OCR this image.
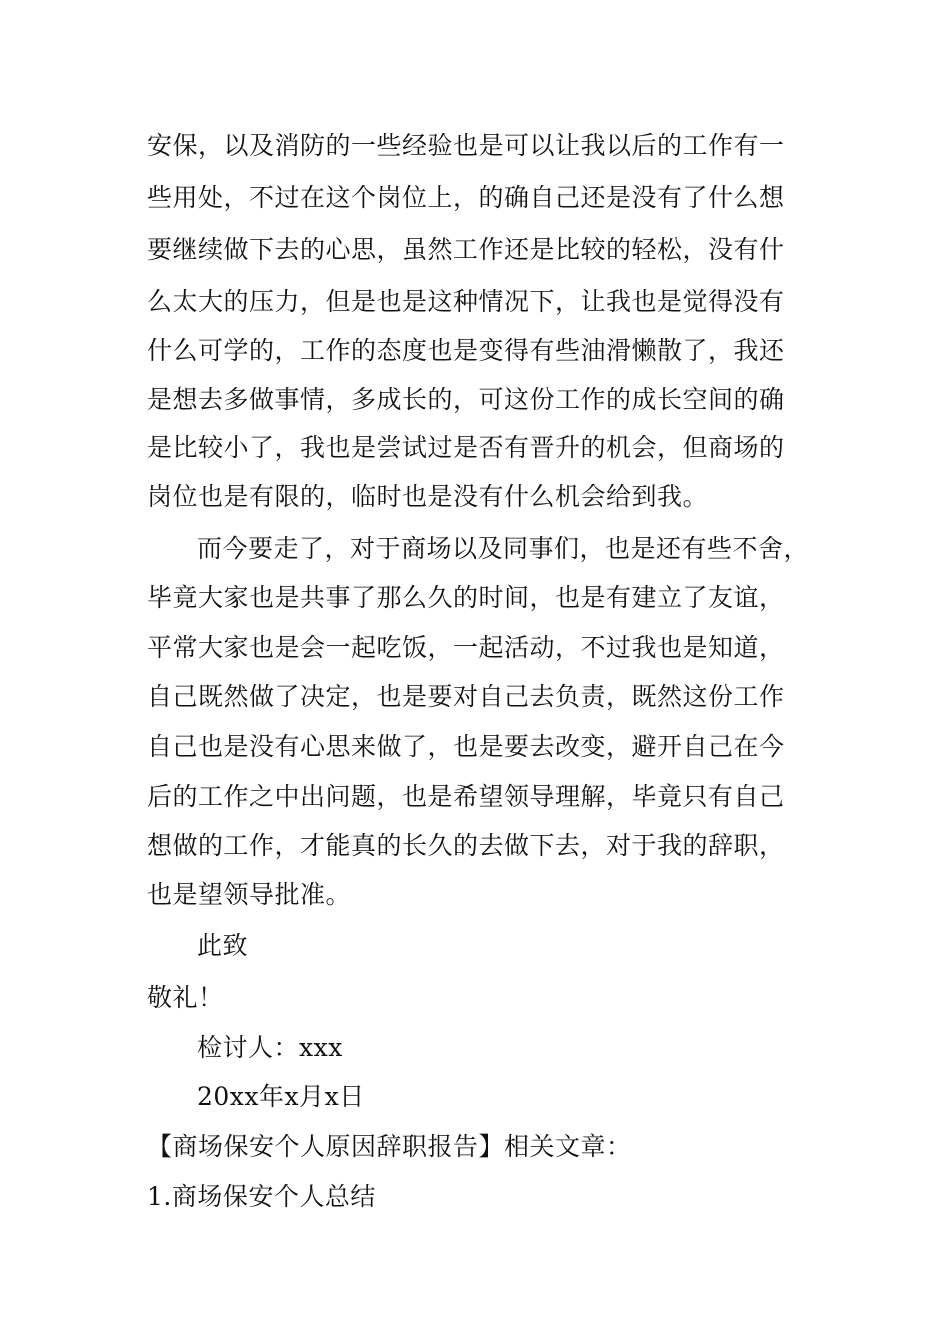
安保，以及消防的一些经验也是可以让我以后的工作有一
些用处，不过在这个岗位上，的确自己还是没有了什么想
要继续做下去的心思，虽然工作还是比较的轻松，没有什
么太大的压力，但是也是这种情况下，让我也是觉得没有
什么可学的，工作的态度也是变得有些油滑懒散了，我还
是想去多做事情，多成长的，可这份工作的成长空间的确
是比较小了，我也是尝试过是否有晋升的机会，但商场的
岗位也是有限的，临时也是没有什么机会给到我。
而今要走了，对于商场以及同事们，也是还有些不舍，
毕竟大家也是共事了那么久的时间，也是有建立了友谊，
平常大家也是会一起吃饭，一起活动，不过我也是知道，
自己既然做了决定，也是要对自己去负责，既然这份工作
自己也是没有心思来做了，也是要去改变，避开自己在今
后的工作之中出问题，也是希望领导理解，毕竟只有自己
想做的工作，才能真的长久的去做下去，对于我的辞职，
也是望领导批准。
此致
敬礼！
检讨人：xxx
20xx年x月x日
【商场保安个人原因辞职报告】相关文章：
1.商场保安个人总结
